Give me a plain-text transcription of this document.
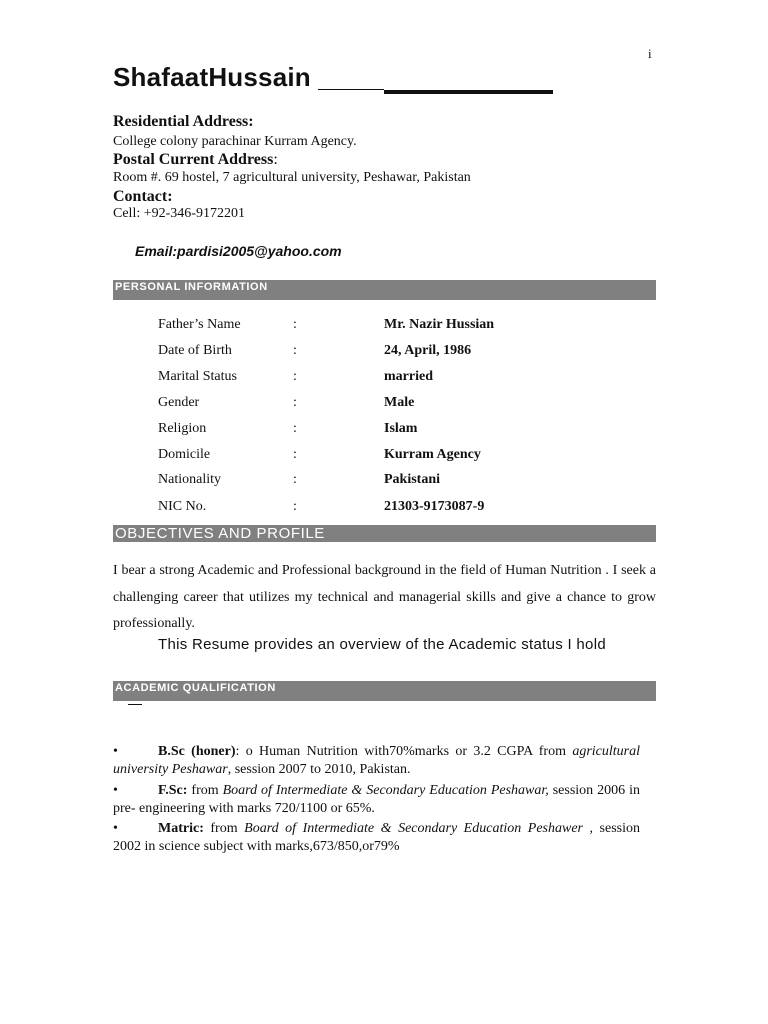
i
ShafaatHussain
Residential Address:
College colony parachinar Kurram Agency.
Postal Current Address:
Room #. 69 hostel, 7 agricultural university, Peshawar, Pakistan
Contact:
Cell: +92-346-9172201
Email:pardisi2005@yahoo.com
PERSONAL INFORMATION
Father’s Name	:	Mr. Nazir Hussian
Date of Birth	:	24, April, 1986
Marital Status	:	married
Gender	:	Male
Religion	:	Islam
Domicile	:	Kurram Agency
Nationality	:	Pakistani
NIC No.	:	21303-9173087-9
OBJECTIVES AND PROFILE
I bear a strong Academic and Professional background in the field of Human Nutrition . I seek a challenging career that utilizes my technical and managerial skills and give a chance to grow professionally.
This Resume provides an overview of the Academic status I hold
ACADEMIC QUALIFICATION
•	B.Sc (honer): o Human Nutrition with70%marks or 3.2 CGPA from agricultural university Peshawar, session 2007 to 2010, Pakistan.
•	F.Sc: from Board of Intermediate & Secondary Education Peshawar, session 2006 in pre- engineering with marks 720/1100 or 65%.
•	Matric: from Board of Intermediate & Secondary Education Peshawer , session 2002 in science subject with marks,673/850,or79%
